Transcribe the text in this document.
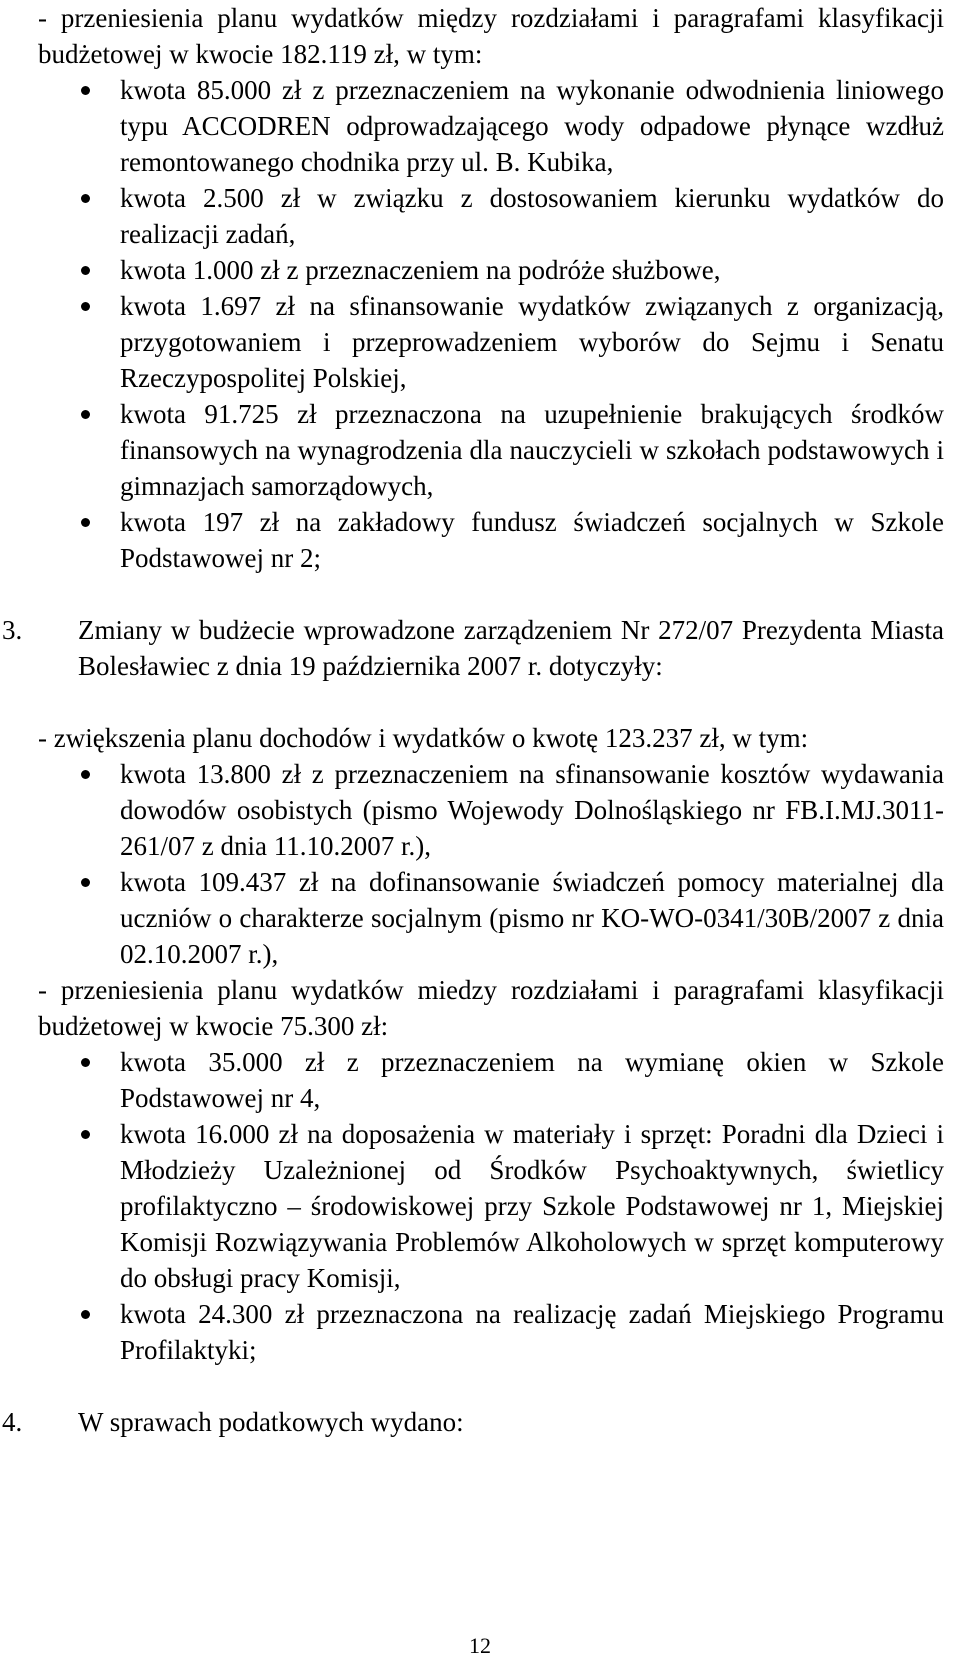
- przeniesienia planu wydatków między rozdziałami i paragrafami klasyfikacji budżetowej w kwocie 182.119 zł, w tym:

kwota 85.000 zł z przeznaczeniem na wykonanie odwodnienia liniowego typu ACCODREN odprowadzającego wody odpadowe płynące wzdłuż remontowanego chodnika przy ul. B. Kubika,
kwota 2.500 zł w związku z dostosowaniem kierunku wydatków do realizacji zadań,
kwota 1.000 zł z przeznaczeniem na podróże służbowe,
kwota 1.697 zł na sfinansowanie wydatków związanych z organizacją, przygotowaniem i przeprowadzeniem wyborów do Sejmu i Senatu Rzeczypospolitej Polskiej,
kwota 91.725 zł przeznaczona na uzupełnienie brakujących środków finansowych na wynagrodzenia dla nauczycieli w szkołach podstawowych i gimnazjach samorządowych,
kwota 197 zł na zakładowy fundusz świadczeń socjalnych w Szkole Podstawowej nr 2;
3. Zmiany w budżecie wprowadzone zarządzeniem Nr 272/07 Prezydenta Miasta Bolesławiec z dnia 19 października 2007 r. dotyczyły:

- zwiększenia planu dochodów i wydatków o kwotę 123.237 zł, w tym:

kwota 13.800 zł z przeznaczeniem na sfinansowanie kosztów wydawania dowodów osobistych (pismo Wojewody Dolnośląskiego nr FB.I.MJ.3011-261/07 z dnia 11.10.2007 r.),
kwota 109.437 zł na dofinansowanie świadczeń pomocy materialnej dla uczniów o charakterze socjalnym (pismo nr KO-WO-0341/30B/2007 z dnia 02.10.2007 r.),

- przeniesienia planu wydatków miedzy rozdziałami i paragrafami klasyfikacji budżetowej w kwocie 75.300 zł:

kwota 35.000 zł z przeznaczeniem na wymianę okien w Szkole Podstawowej nr 4,
kwota 16.000 zł na doposażenia w materiały i sprzęt: Poradni dla Dzieci i Młodzieży Uzależnionej od Środków Psychoaktywnych, świetlicy profilaktyczno – środowiskowej przy Szkole Podstawowej nr 1, Miejskiej Komisji Rozwiązywania Problemów Alkoholowych w sprzęt komputerowy do obsługi pracy Komisji,
kwota 24.300 zł przeznaczona na realizację zadań Miejskiego Programu Profilaktyki;
4. W sprawach podatkowych wydano:
12
